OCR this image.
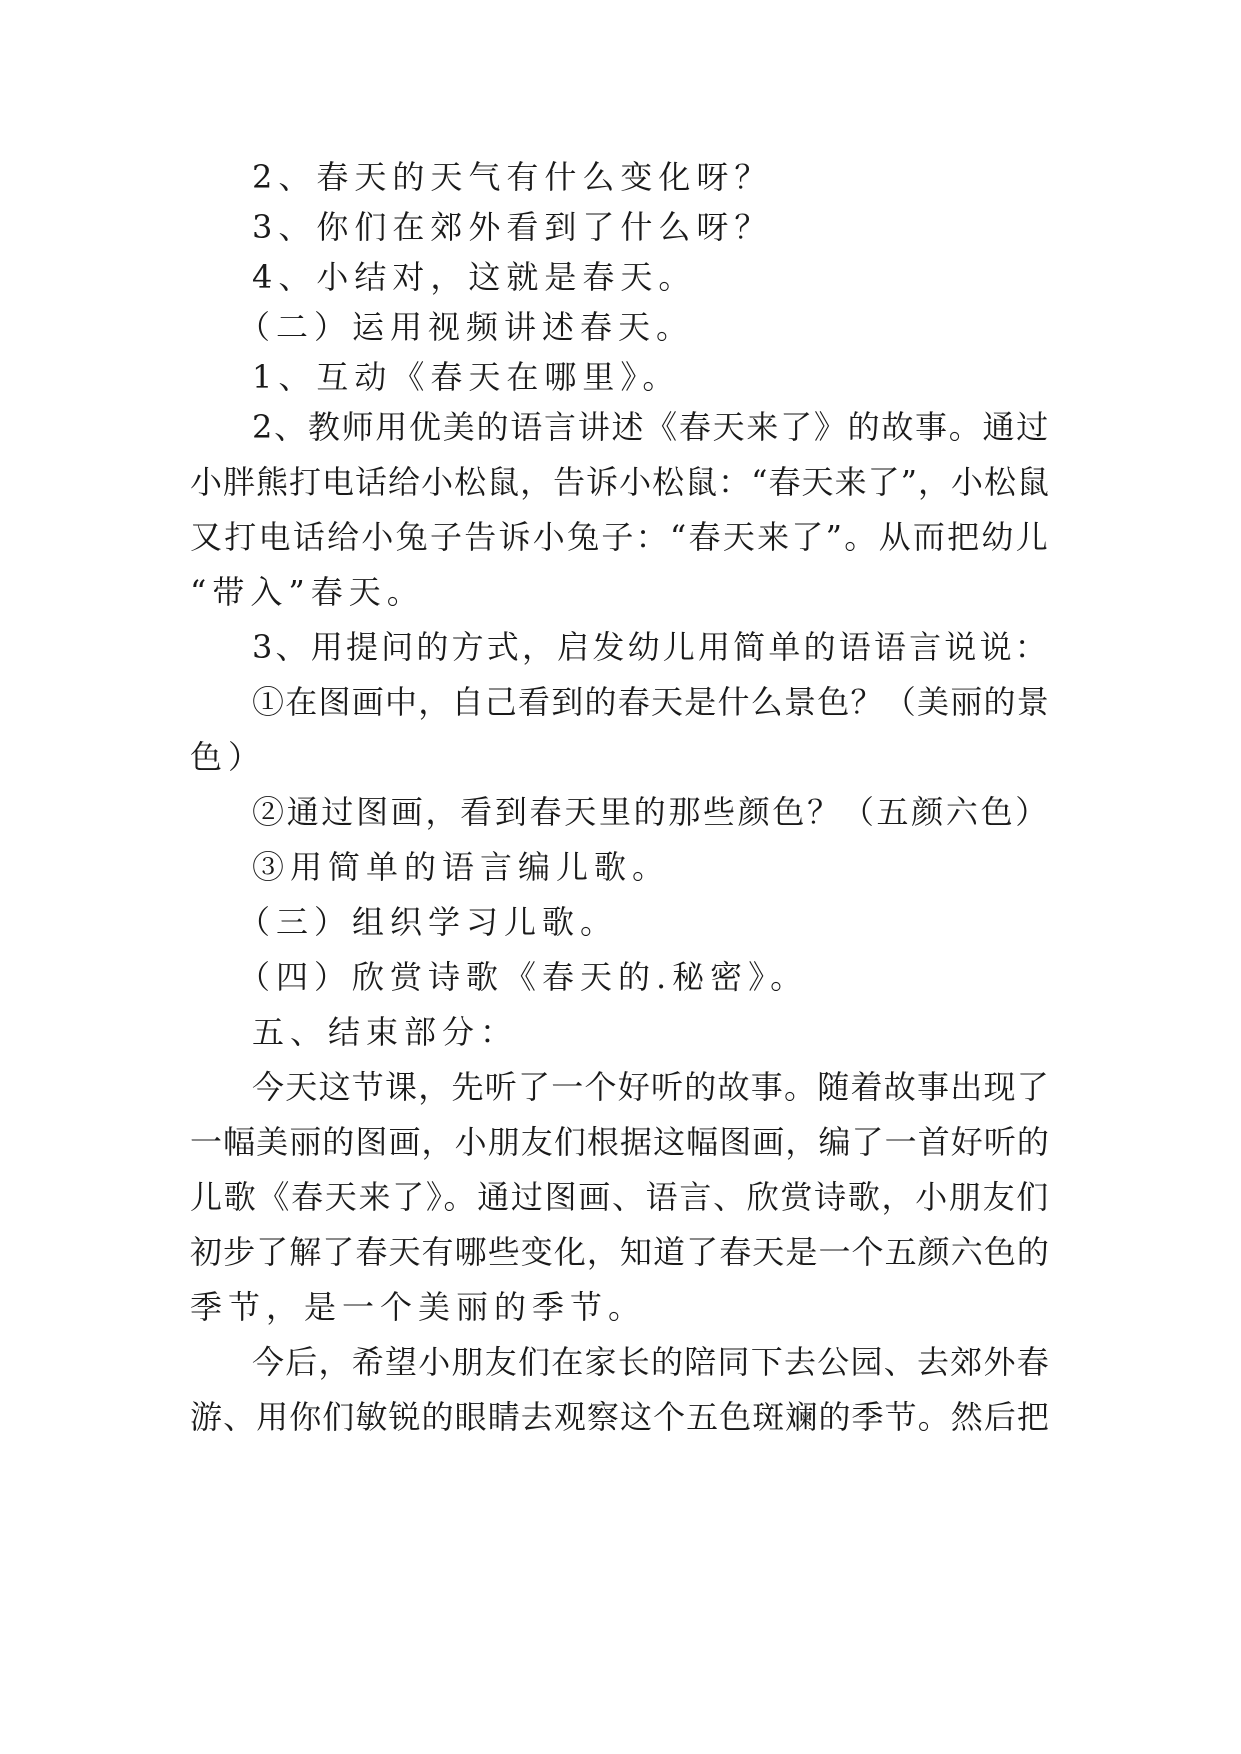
2、春天的天气有什么变化呀？
3、你们在郊外看到了什么呀？
4、小结对，这就是春天。
（二）运用视频讲述春天。
1、互动《春天在哪里》。
2、教师用优美的语言讲述《春天来了》的故事。通过
小胖熊打电话给小松鼠，告诉小松鼠：“春天来了”，小松鼠
又打电话给小兔子告诉小兔子：“春天来了”。从而把幼儿
“带入”春天。
3、用提问的方式，启发幼儿用简单的语语言说说：
①在图画中，自己看到的春天是什么景色？（美丽的景
色）
②通过图画，看到春天里的那些颜色？（五颜六色）
③用简单的语言编儿歌。
（三）组织学习儿歌。
（四）欣赏诗歌《春天的.秘密》。
五、结束部分：
今天这节课，先听了一个好听的故事。随着故事出现了
一幅美丽的图画，小朋友们根据这幅图画，编了一首好听的
儿歌《春天来了》。通过图画、语言、欣赏诗歌，小朋友们
初步了解了春天有哪些变化，知道了春天是一个五颜六色的
季节，是一个美丽的季节。
今后，希望小朋友们在家长的陪同下去公园、去郊外春
游、用你们敏锐的眼睛去观察这个五色斑斓的季节。然后把
